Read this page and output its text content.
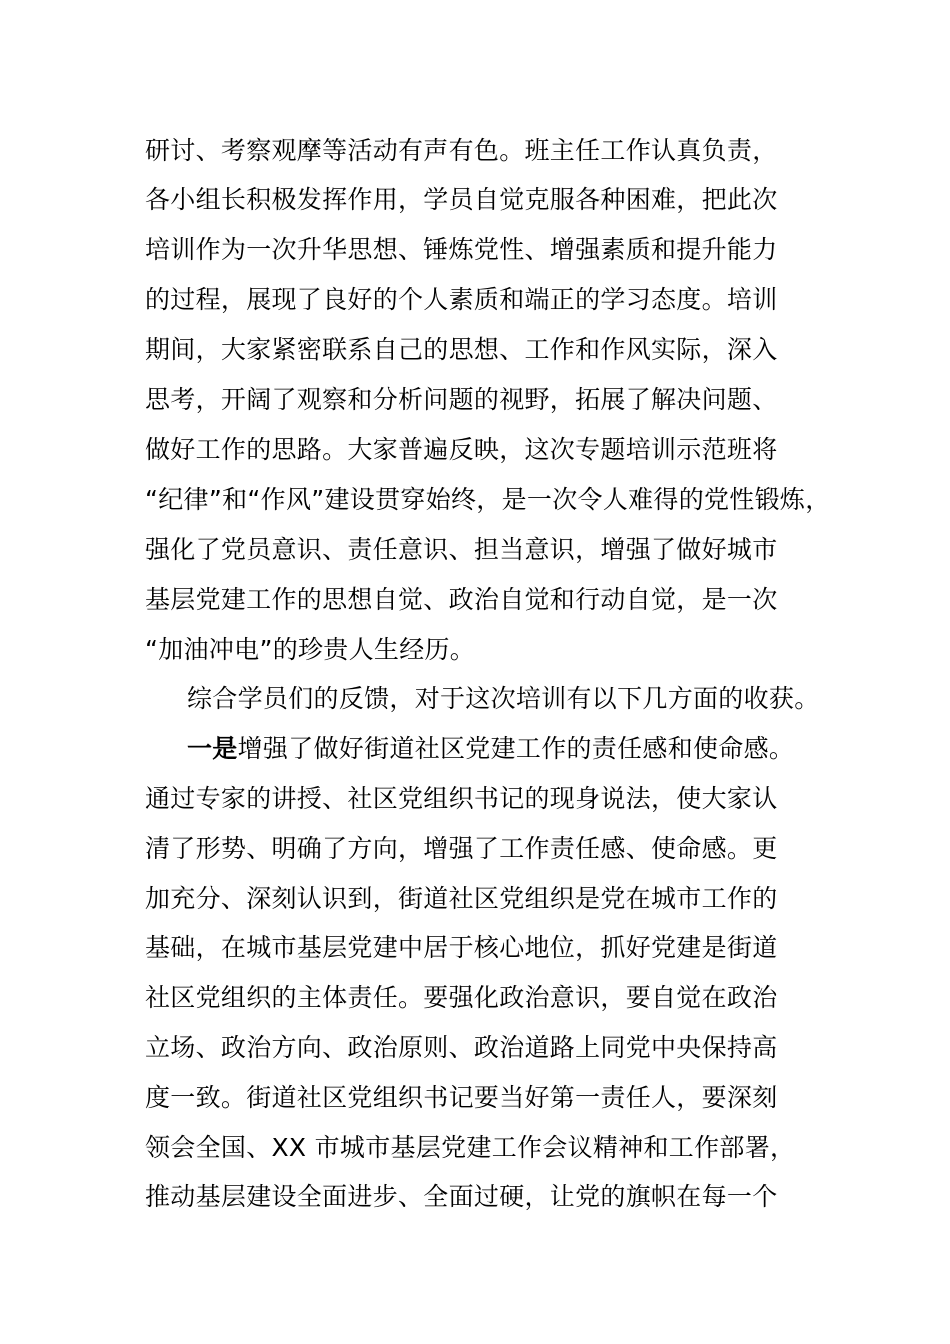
研讨、考察观摩等活动有声有色。班主任工作认真负责，
各小组长积极发挥作用，学员自觉克服各种困难，把此次
培训作为一次升华思想、锤炼党性、增强素质和提升能力
的过程，展现了良好的个人素质和端正的学习态度。培训
期间，大家紧密联系自己的思想、工作和作风实际，深入
思考，开阔了观察和分析问题的视野，拓展了解决问题、
做好工作的思路。大家普遍反映，这次专题培训示范班将
“纪律”和“作风”建设贯穿始终，是一次令人难得的党性锻炼，
强化了党员意识、责任意识、担当意识，增强了做好城市
基层党建工作的思想自觉、政治自觉和行动自觉，是一次
“加油冲电”的珍贵人生经历。
综合学员们的反馈，对于这次培训有以下几方面的收获。
一是增强了做好街道社区党建工作的责任感和使命感。
通过专家的讲授、社区党组织书记的现身说法，使大家认
清了形势、明确了方向，增强了工作责任感、使命感。更
加充分、深刻认识到，街道社区党组织是党在城市工作的
基础，在城市基层党建中居于核心地位，抓好党建是街道
社区党组织的主体责任。要强化政治意识，要自觉在政治
立场、政治方向、政治原则、政治道路上同党中央保持高
度一致。街道社区党组织书记要当好第一责任人，要深刻
领会全国、XX 市城市基层党建工作会议精神和工作部署，
推动基层建设全面进步、全面过硬，让党的旗帜在每一个
